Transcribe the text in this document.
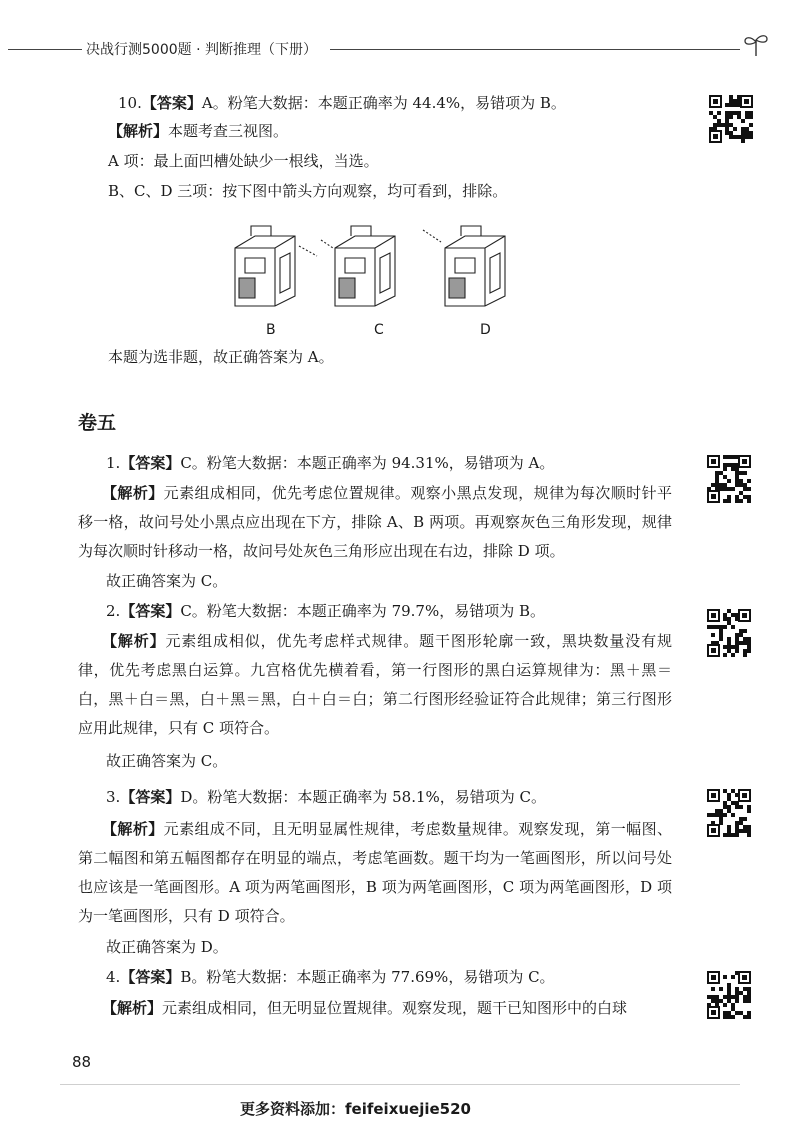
决战行测5000题 · 判断推理（下册）
10.【答案】A。粉笔大数据：本题正确率为 44.4%，易错项为 B。
【解析】本题考查三视图。
A 项：最上面凹槽处缺少一根线，当选。
B、C、D 三项：按下图中箭头方向观察，均可看到，排除。
B	C	D
本题为选非题，故正确答案为 A。
卷五
1.【答案】C。粉笔大数据：本题正确率为 94.31%，易错项为 A。
【解析】元素组成相同，优先考虑位置规律。观察小黑点发现，规律为每次顺时针平移一格，故问号处小黑点应出现在下方，排除 A、B 两项。再观察灰色三角形发现，规律为每次顺时针移动一格，故问号处灰色三角形应出现在右边，排除 D 项。
故正确答案为 C。
2.【答案】C。粉笔大数据：本题正确率为 79.7%，易错项为 B。
【解析】元素组成相似，优先考虑样式规律。题干图形轮廓一致，黑块数量没有规律，优先考虑黑白运算。九宫格优先横着看，第一行图形的黑白运算规律为：黑＋黑＝白，黑＋白＝黑，白＋黑＝黑，白＋白＝白；第二行图形经验证符合此规律；第三行图形应用此规律，只有 C 项符合。
故正确答案为 C。
3.【答案】D。粉笔大数据：本题正确率为 58.1%，易错项为 C。
【解析】元素组成不同，且无明显属性规律，考虑数量规律。观察发现，第一幅图、第二幅图和第五幅图都存在明显的端点，考虑笔画数。题干均为一笔画图形，所以问号处也应该是一笔画图形。A 项为两笔画图形，B 项为两笔画图形，C 项为两笔画图形，D 项为一笔画图形，只有 D 项符合。
故正确答案为 D。
4.【答案】B。粉笔大数据：本题正确率为 77.69%，易错项为 C。
【解析】元素组成相同，但无明显位置规律。观察发现，题干已知图形中的白球
88
更多资料添加：feifeixuejie520
